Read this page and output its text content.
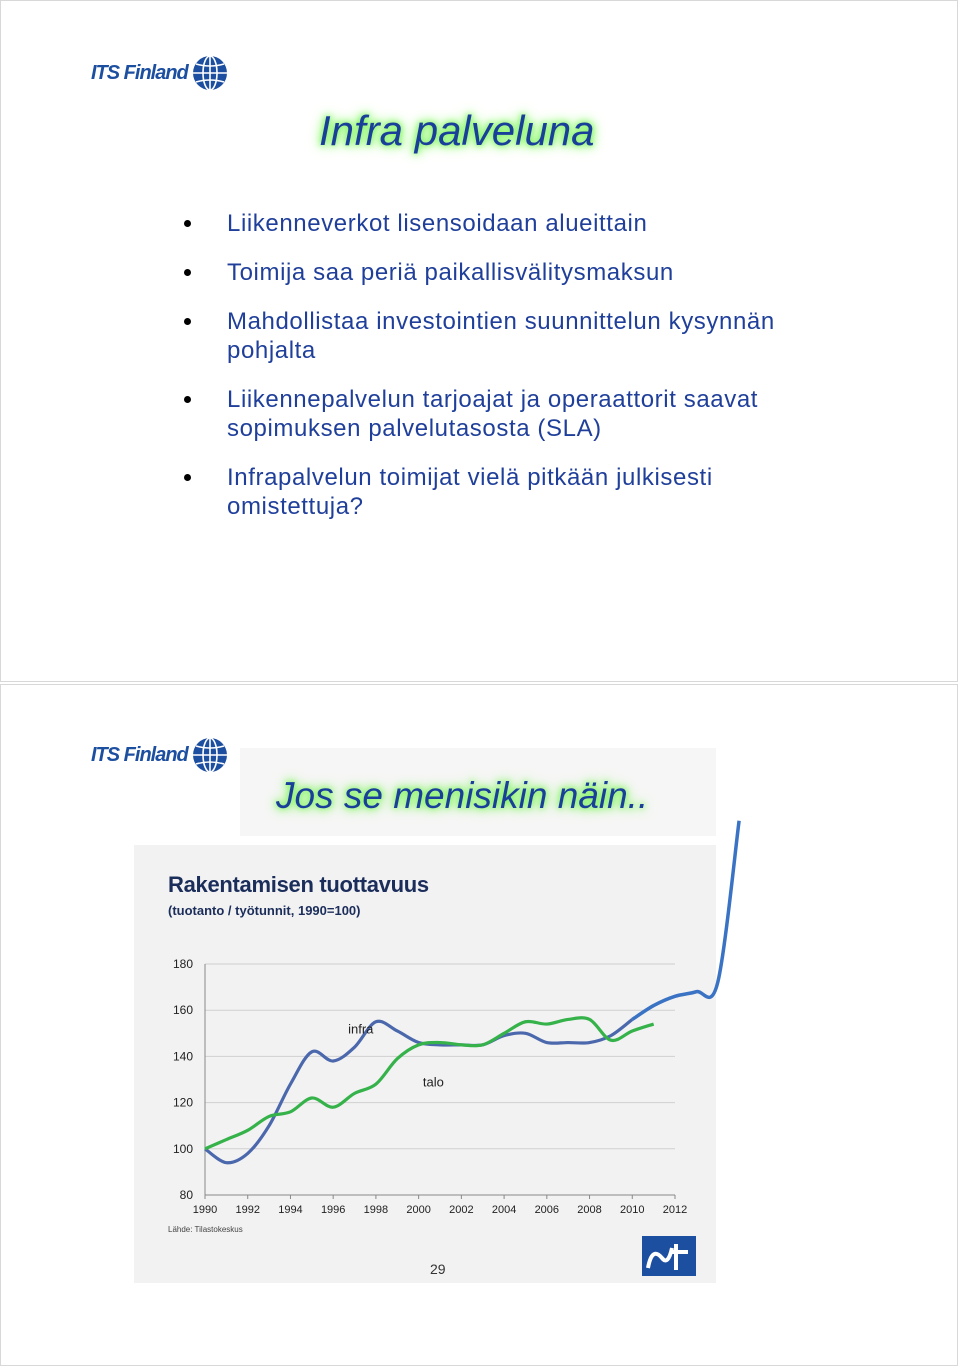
ITS Finland
Infra palveluna
Liikenneverkot lisensoidaan alueittain
Toimija saa periä paikallisvälitysmaksun
Mahdollistaa investointien suunnittelun kysynnän pohjalta
Liikennepalvelun tarjoajat ja operaattorit saavat sopimuksen palvelutasosta (SLA)
Infrapalvelun toimijat vielä pitkään julkisesti omistettuja?
ITS Finland
Jos se menisikin näin..
Rakentamisen tuottavuus
(tuotanto / työtunnit, 1990=100)
Lähde: Tilastokeskus
29
80
100
120
140
160
180
1990 1992 1994 1996 1998 2000 2002 2004 2006 2008 2010 2012
infra
talo
